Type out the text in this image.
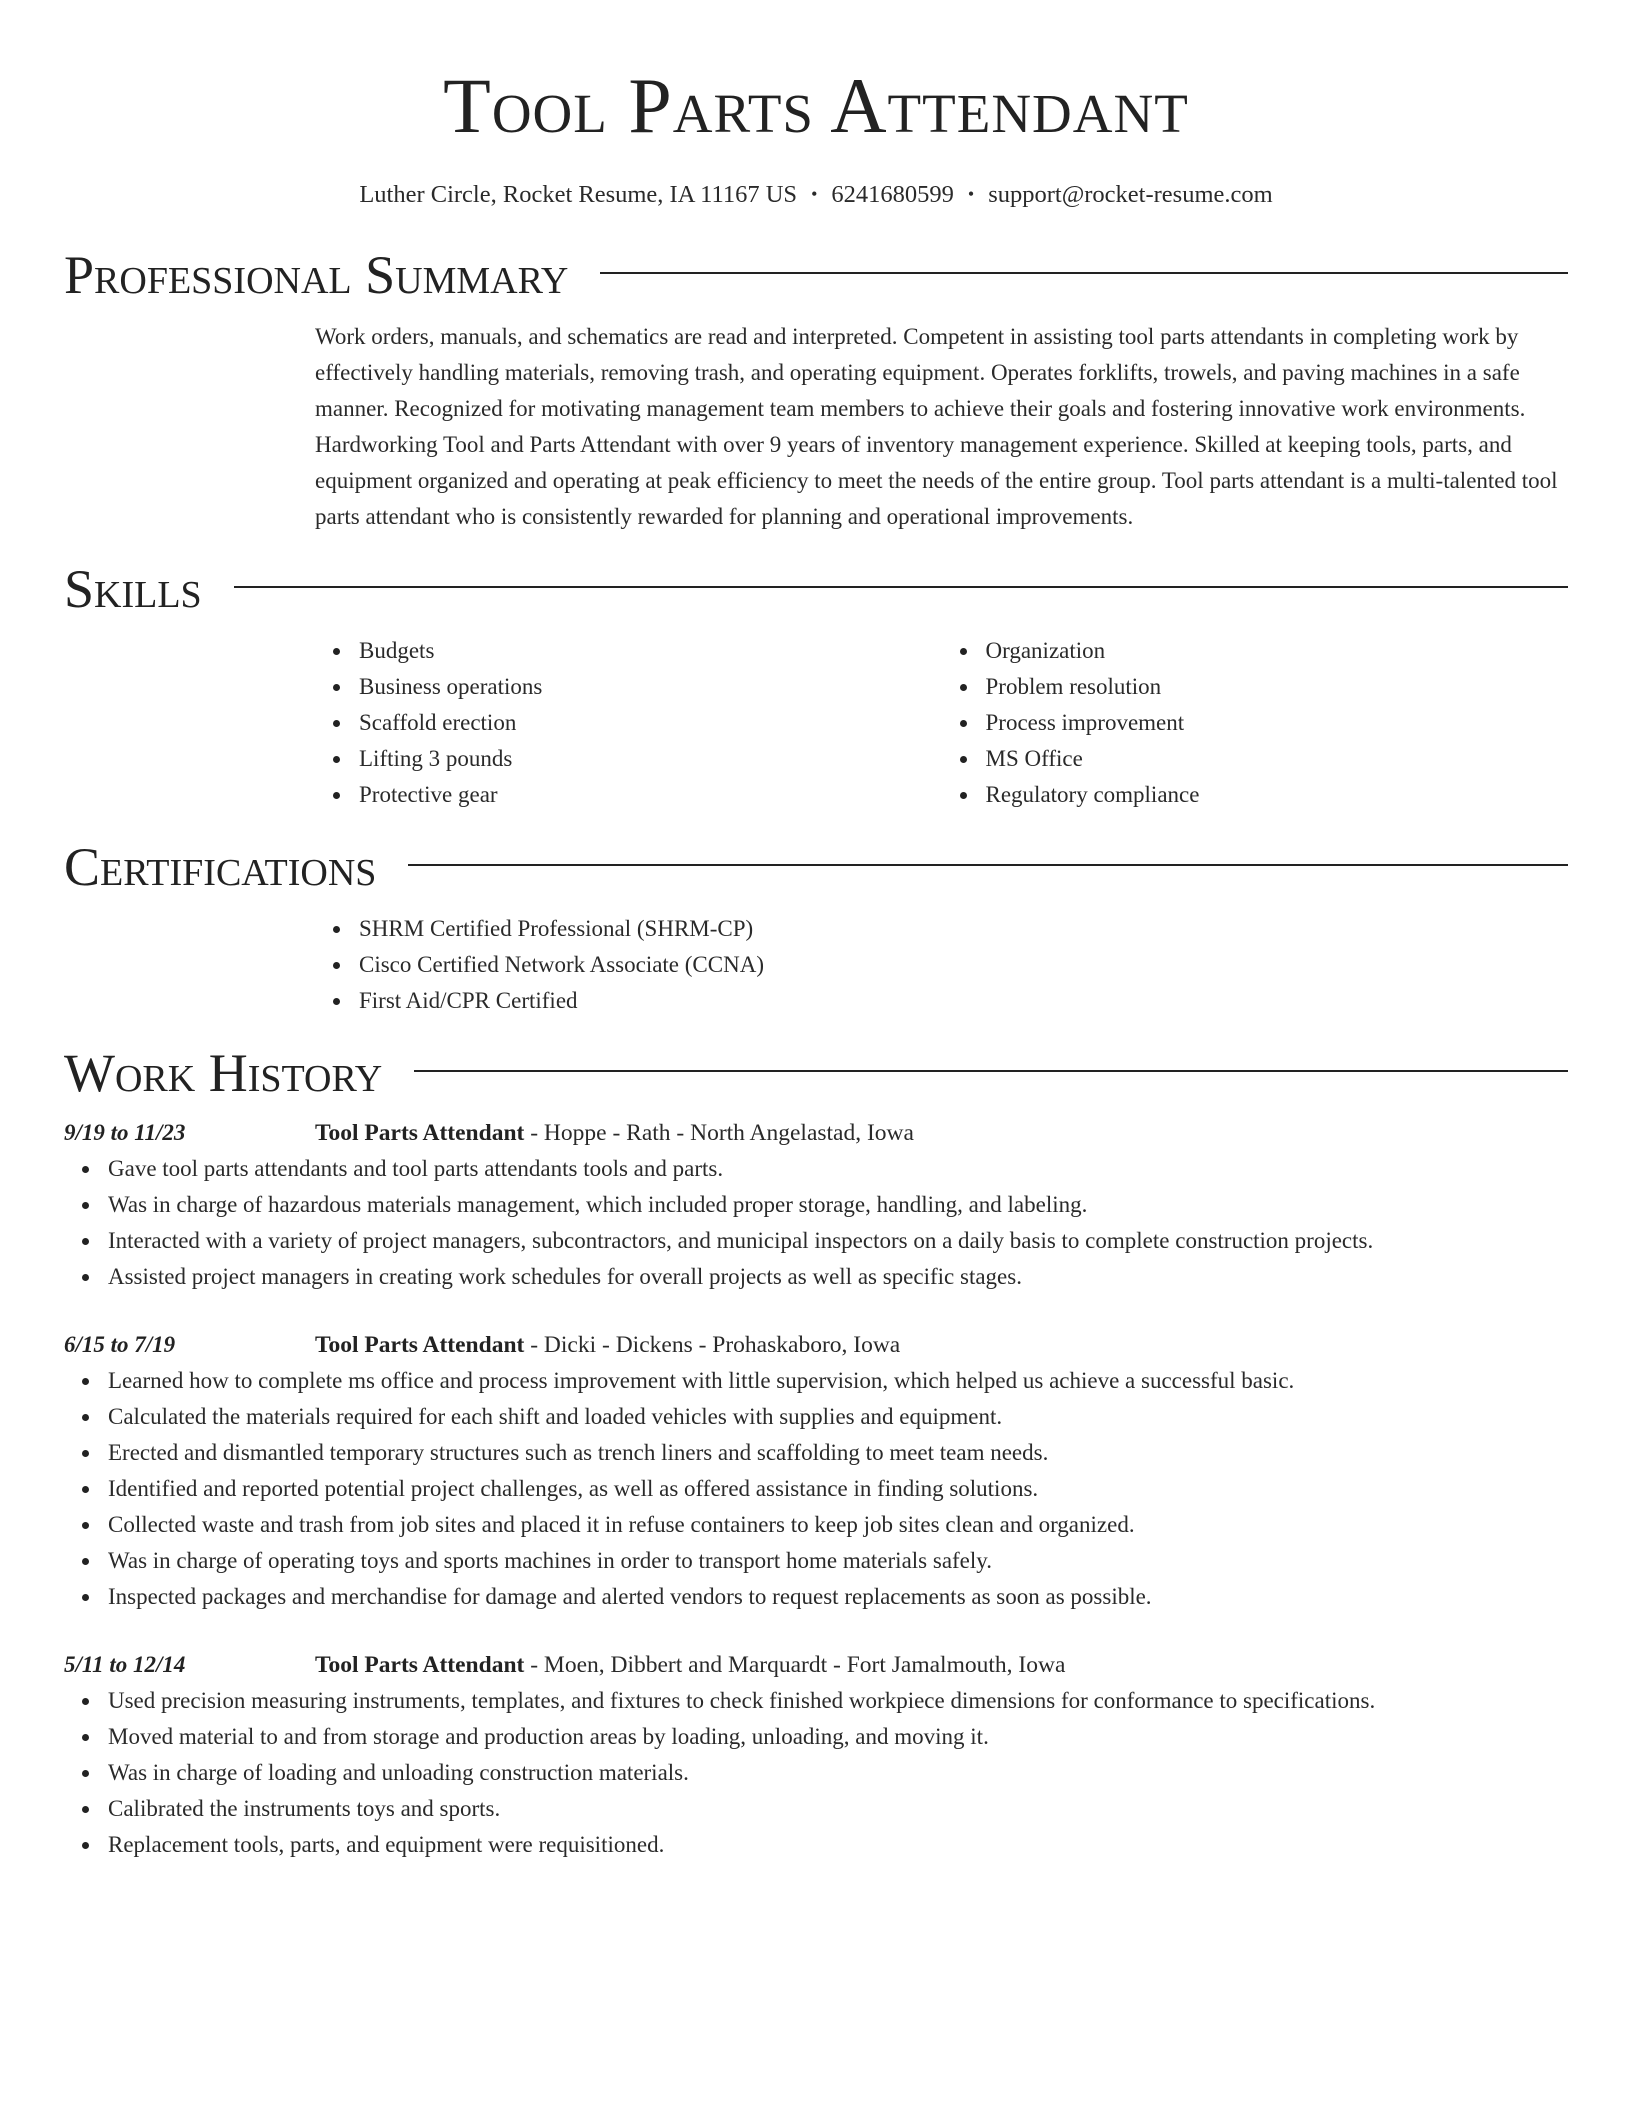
Tool Parts Attendant
Luther Circle, Rocket Resume, IA 11167 US • 6241680599 • support@rocket-resume.com
Professional Summary

Work orders, manuals, and schematics are read and interpreted. Competent in assisting tool parts attendants in completing work by effectively handling materials, removing trash, and operating equipment. Operates forklifts, trowels, and paving machines in a safe manner. Recognized for motivating management team members to achieve their goals and fostering innovative work environments. Hardworking Tool and Parts Attendant with over 9 years of inventory management experience. Skilled at keeping tools, parts, and equipment organized and operating at peak efficiency to meet the needs of the entire group. Tool parts attendant is a multi-talented tool parts attendant who is consistently rewarded for planning and operational improvements.

Skills
Budgets
Business operations
Scaffold erection
Lifting 3 pounds
Protective gear
Organization
Problem resolution
Process improvement
MS Office
Regulatory compliance
Certifications
SHRM Certified Professional (SHRM-CP)
Cisco Certified Network Associate (CCNA)
First Aid/CPR Certified
Work History
9/19 to 11/23	Tool Parts Attendant - Hoppe - Rath - North Angelastad, Iowa
Gave tool parts attendants and tool parts attendants tools and parts.
Was in charge of hazardous materials management, which included proper storage, handling, and labeling.
Interacted with a variety of project managers, subcontractors, and municipal inspectors on a daily basis to complete construction projects.
Assisted project managers in creating work schedules for overall projects as well as specific stages.
6/15 to 7/19	Tool Parts Attendant - Dicki - Dickens - Prohaskaboro, Iowa
Learned how to complete ms office and process improvement with little supervision, which helped us achieve a successful basic.
Calculated the materials required for each shift and loaded vehicles with supplies and equipment.
Erected and dismantled temporary structures such as trench liners and scaffolding to meet team needs.
Identified and reported potential project challenges, as well as offered assistance in finding solutions.
Collected waste and trash from job sites and placed it in refuse containers to keep job sites clean and organized.
Was in charge of operating toys and sports machines in order to transport home materials safely.
Inspected packages and merchandise for damage and alerted vendors to request replacements as soon as possible.
5/11 to 12/14	Tool Parts Attendant - Moen, Dibbert and Marquardt - Fort Jamalmouth, Iowa
Used precision measuring instruments, templates, and fixtures to check finished workpiece dimensions for conformance to specifications.
Moved material to and from storage and production areas by loading, unloading, and moving it.
Was in charge of loading and unloading construction materials.
Calibrated the instruments toys and sports.
Replacement tools, parts, and equipment were requisitioned.
